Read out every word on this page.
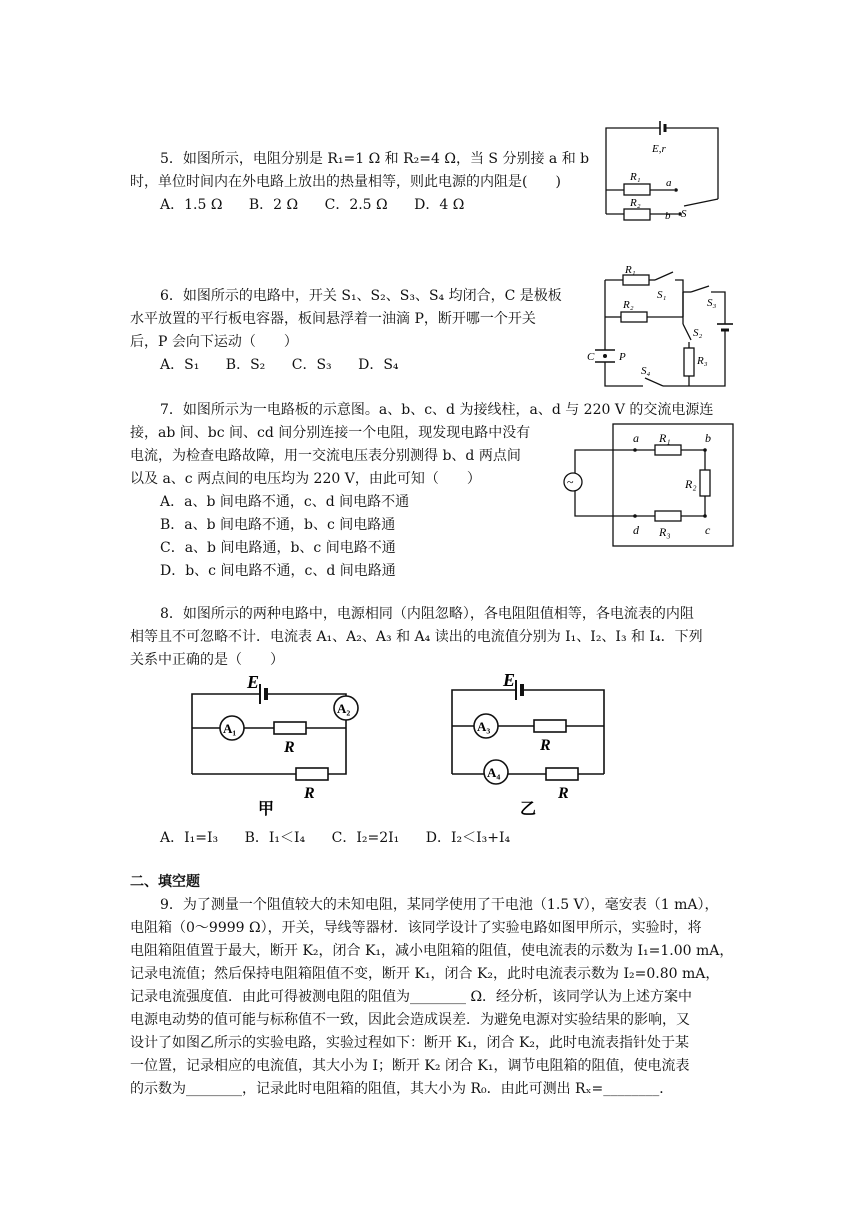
5．如图所示，电阻分别是 R₁=1 Ω 和 R₂=4 Ω，当 S 分别接 a 和 b
时，单位时间内在外电路上放出的热量相等，则此电源的内阻是(　　)
A．1.5 Ω B．2 Ω C．2.5 Ω D．4 Ω
E,r
R₁ a
R₂
b S
6．如图所示的电路中，开关 S₁、S₂、S₃、S₄ 均闭合，C 是极板
水平放置的平行板电容器，板间悬浮着一油滴 P，断开哪一个开关
后，P 会向下运动（　　）
A．S₁ B．S₂ C．S₃ D．S₄
R₁
S₁
R₂	S₃
S₂
R₃
C P
S₄
7．如图所示为一电路板的示意图。a、b、c、d 为接线柱，a、d 与 220 V 的交流电源连
接，ab 间、bc 间、cd 间分别连接一个电阻，现发现电路中没有
电流，为检查电路故障，用一交流电压表分别测得 b、d 两点间
以及 a、c 两点间的电压均为 220 V，由此可知（　　）
A．a、b 间电路不通，c、d 间电路不通
B．a、b 间电路不通，b、c 间电路通
C．a、b 间电路通，b、c 间电路不通
D．b、c 间电路不通，c、d 间电路通
~
a R₁	b
R₂
d R₃	c
8．如图所示的两种电路中，电源相同（内阻忽略），各电阻阻值相等，各电流表的内阻
相等且不可忽略不计．电流表 A₁、A₂、A₃ 和 A₄ 读出的电流值分别为 I₁、I₂、I₃ 和 I₄．下列
关系中正确的是（　　）
E
A₁
A₂
R
R
甲
E
A₃
A₄
R
R
乙
A．I₁=I₃ B．I₁＜I₄ C．I₂=2I₁ D．I₂＜I₃+I₄
二、填空题
9．为了测量一个阻值较大的未知电阻，某同学使用了干电池（1.5 V），毫安表（1 mA），
电阻箱（0～9999 Ω），开关，导线等器材．该同学设计了实验电路如图甲所示，实验时，将
电阻箱阻值置于最大，断开 K₂，闭合 K₁，减小电阻箱的阻值，使电流表的示数为 I₁=1.00 mA，
记录电流值；然后保持电阻箱阻值不变，断开 K₁，闭合 K₂，此时电流表示数为 I₂=0.80 mA，
记录电流强度值．由此可得被测电阻的阻值为________ Ω．经分析，该同学认为上述方案中
电源电动势的值可能与标称值不一致，因此会造成误差．为避免电源对实验结果的影响，又
设计了如图乙所示的实验电路，实验过程如下：断开 K₁，闭合 K₂，此时电流表指针处于某
一位置，记录相应的电流值，其大小为 I；断开 K₂ 闭合 K₁，调节电阻箱的阻值，使电流表
的示数为________，记录此时电阻箱的阻值，其大小为 R₀．由此可测出 Rₓ=________．
